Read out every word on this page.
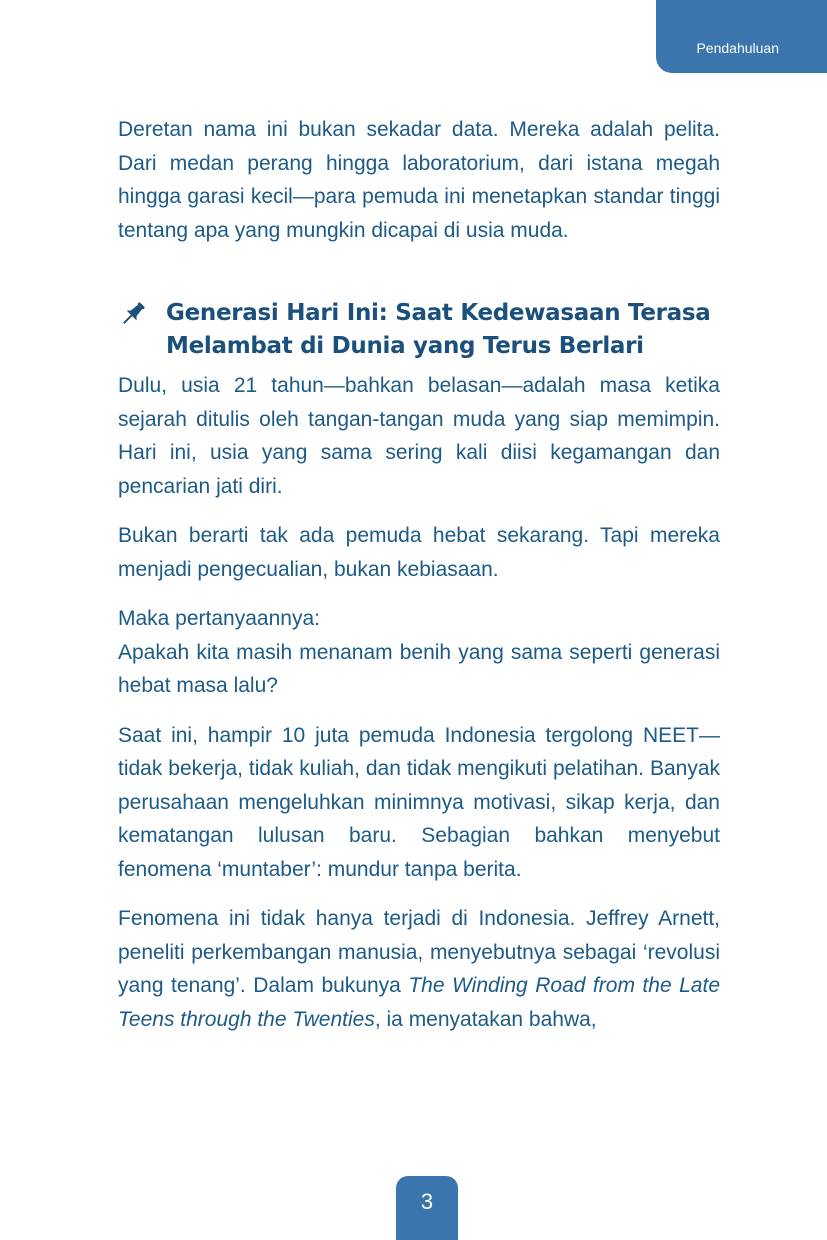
Pendahuluan

Deretan nama ini bukan sekadar data. Mereka adalah pelita. Dari medan perang hingga laboratorium, dari istana megah hingga garasi kecil—para pemuda ini menetapkan standar tinggi tentang apa yang mungkin dicapai di usia muda.

Generasi Hari Ini: Saat Kedewasaan Terasa
Melambat di Dunia yang Terus Berlari

Dulu, usia 21 tahun—bahkan belasan—adalah masa ketika sejarah ditulis oleh tangan-tangan muda yang siap memimpin. Hari ini, usia yang sama sering kali diisi kegamangan dan pencarian jati diri.

Bukan berarti tak ada pemuda hebat sekarang. Tapi mereka menjadi pengecualian, bukan kebiasaan.

Maka pertanyaannya:
Apakah kita masih menanam benih yang sama seperti generasi hebat masa lalu?

Saat ini, hampir 10 juta pemuda Indonesia tergolong NEET—tidak bekerja, tidak kuliah, dan tidak mengikuti pelatihan. Banyak perusahaan mengeluhkan minimnya motivasi, sikap kerja, dan kematangan lulusan baru. Sebagian bahkan menyebut fenomena ‘muntaber’: mundur tanpa berita.

Fenomena ini tidak hanya terjadi di Indonesia. Jeffrey Arnett, peneliti perkembangan manusia, menyebutnya sebagai ‘revolusi yang tenang’. Dalam bukunya The Winding Road from the Late Teens through the Twenties, ia menyatakan bahwa,

3
